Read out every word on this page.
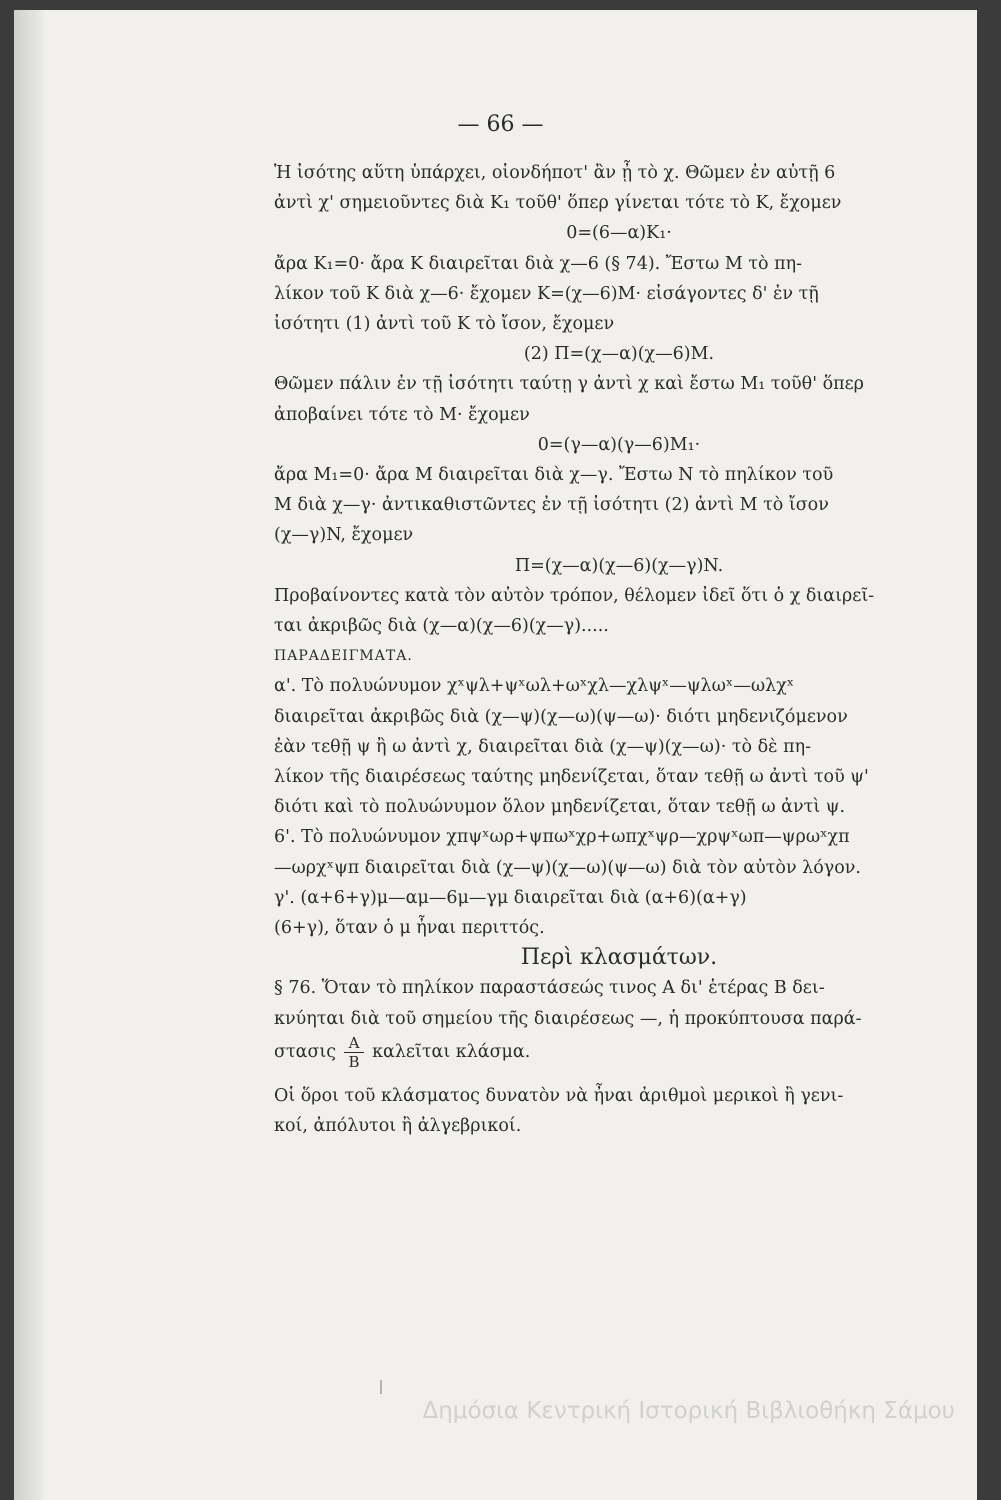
— 66 —

Ἡ ἰσότης αὕτη ὑπάρχει, οἱονδήποτ' ἂν ᾖ τὸ χ. Θῶμεν ἐν αὐτῇ 6

ἀντὶ χ' σημειοῦντες διὰ K₁ τοῦθ' ὅπερ γίνεται τότε τὸ K, ἔχομεν

0=(6—α)K₁·

ἄρα K₁=0· ἄρα K διαιρεῖται διὰ χ—6 (§ 74). Ἔστω M τὸ πη-

λίκον τοῦ K διὰ χ—6· ἔχομεν K=(χ—6)M· εἰσάγοντες δ' ἐν τῇ

ἰσότητι (1) ἀντὶ τοῦ K τὸ ἴσον, ἔχομεν

(2) Π=(χ—α)(χ—6)M.

Θῶμεν πάλιν ἐν τῇ ἰσότητι ταύτῃ γ ἀντὶ χ καὶ ἔστω M₁ τοῦθ' ὅπερ

ἀποβαίνει τότε τὸ M· ἔχομεν

0=(γ—α)(γ—6)M₁·

ἄρα M₁=0· ἄρα M διαιρεῖται διὰ χ—γ. Ἔστω N τὸ πηλίκον τοῦ

M διὰ χ—γ· ἀντικαθιστῶντες ἐν τῇ ἰσότητι (2) ἀντὶ M τὸ ἴσον

(χ—γ)N, ἔχομεν

Π=(χ—α)(χ—6)(χ—γ)N.

Προβαίνοντες κατὰ τὸν αὐτὸν τρόπον, θέλομεν ἰδεῖ ὅτι ὁ χ διαιρεῖ-

ται ἀκριβῶς διὰ (χ—α)(χ—6)(χ—γ).....

ΠΑΡΑΔΕΙΓΜΑΤΑ.

α'. Τὸ πολυώνυμον χˣψλ+ψˣωλ+ωˣχλ—χλψˣ—ψλωˣ—ωλχˣ

διαιρεῖται ἀκριβῶς διὰ (χ—ψ)(χ—ω)(ψ—ω)· διότι μηδενιζόμενον

ἐὰν τεθῇ ψ ἢ ω ἀντὶ χ, διαιρεῖται διὰ (χ—ψ)(χ—ω)· τὸ δὲ πη-

λίκον τῆς διαιρέσεως ταύτης μηδενίζεται, ὅταν τεθῇ ω ἀντὶ τοῦ ψ'

διότι καὶ τὸ πολυώνυμον ὅλον μηδενίζεται, ὅταν τεθῇ ω ἀντὶ ψ.

6'. Τὸ πολυώνυμον χπψˣωρ+ψπωˣχρ+ωπχˣψρ—χρψˣωπ—ψρωˣχπ

—ωρχˣψπ διαιρεῖται διὰ (χ—ψ)(χ—ω)(ψ—ω) διὰ τὸν αὐτὸν λόγον.

γ'. (α+6+γ)μ—αμ—6μ—γμ διαιρεῖται διὰ (α+6)(α+γ)

(6+γ), ὅταν ὁ μ ἦναι περιττός.

Περὶ κλασμάτων.

§ 76. Ὅταν τὸ πηλίκον παραστάσεώς τινος A δι' ἑτέρας B δει-

κνύηται διὰ τοῦ σημείου τῆς διαιρέσεως —, ἡ προκύπτουσα παρά-

στασις $\frac{A}{B}$ καλεῖται κλάσμα.

Οἱ ὅροι τοῦ κλάσματος δυνατὸν νὰ ἦναι ἀριθμοὶ μερικοὶ ἢ γενι-

κοί, ἀπόλυτοι ἢ ἀλγεβρικοί.

Δημόσια Κεντρική Ιστορική Βιβλιοθήκη Σάμου
